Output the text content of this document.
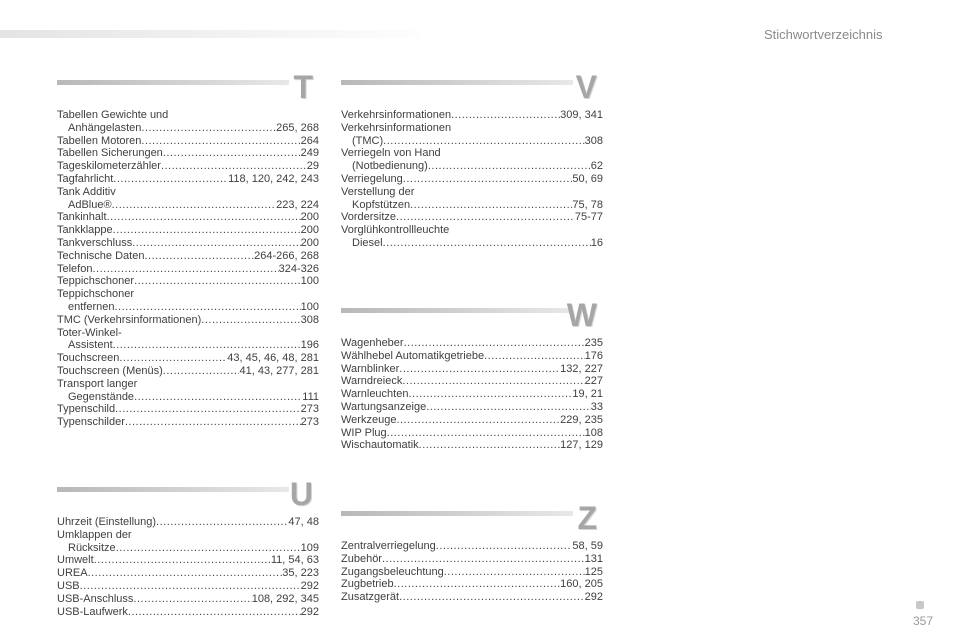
Stichwortverzeichnis
T
Tabellen Gewichte und
Anhängelasten .....	265, 268
Tabellen Motoren .....	264
Tabellen Sicherungen .....	249
Tageskilometerzähler .....	29
Tagfahrlicht .....	118, 120, 242, 243
Tank Additiv
AdBlue® .....	223, 224
Tankinhalt .....	200
Tankklappe .....	200
Tankverschluss .....	200
Technische Daten .....	264-266, 268
Telefon .....	324-326
Teppichschoner .....	100
Teppichschoner
entfernen .....	100
TMC (Verkehrsinformationen) .....	308
Toter-Winkel-
Assistent .....	196
Touchscreen .....	43, 45, 46, 48, 281
Touchscreen (Menüs) .....	41, 43, 277, 281
Transport langer
Gegenstände .....	111
Typenschild .....	273
Typenschilder .....	273
U
Uhrzeit (Einstellung) .....	47, 48
Umklappen der
Rücksitze .....	109
Umwelt .....	11, 54, 63
UREA .....	35, 223
USB .....	292
USB-Anschluss .....	108, 292, 345
USB-Laufwerk .....	292
V
Verkehrsinformationen .....	309, 341
Verkehrsinformationen
(TMC) .....	308
Verriegeln von Hand
(Notbedienung) .....	62
Verriegelung .....	50, 69
Verstellung der
Kopfstützen .....	75, 78
Vordersitze .....	75-77
Vorglühkontrollleuchte
Diesel .....	16
W
Wagenheber .....	235
Wählhebel Automatikgetriebe .....	176
Warnblinker .....	132, 227
Warndreieck .....	227
Warnleuchten .....	19, 21
Wartungsanzeige .....	33
Werkzeuge .....	229, 235
WIP Plug .....	108
Wischautomatik .....	127, 129
Z
Zentralverriegelung .....	58, 59
Zubehör .....	131
Zugangsbeleuchtung .....	125
Zugbetrieb .....	160, 205
Zusatzgerät .....	292
357
